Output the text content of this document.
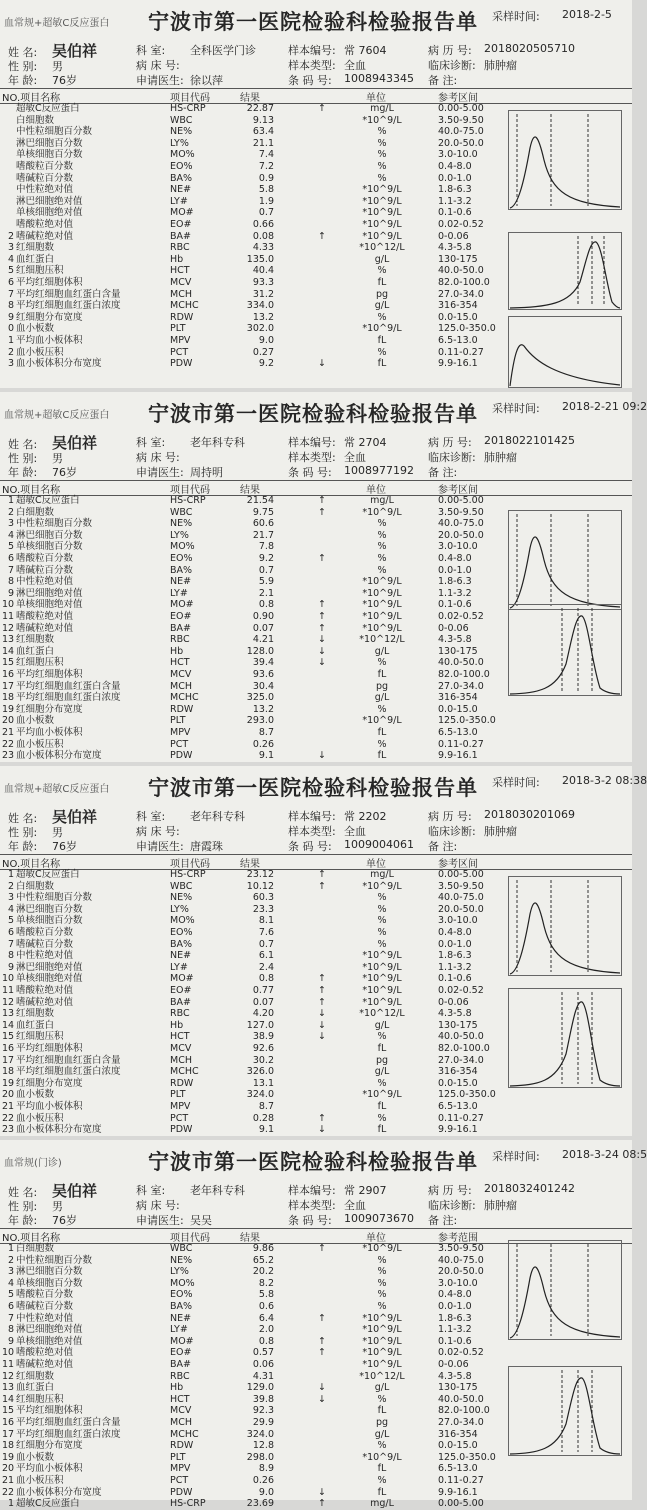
血常规+超敏C反应蛋白 宁波市第一医院检验科检验报告单 采样时间: 2018-2-5
姓 名: 吴伯祥
性 别: 男
年 龄: 76岁
科 室: 全科医学门诊
病 床 号:
申请医生: 徐以萍
样本编号: 常 7604
样本类型: 全血
条 码 号: 1008943345
病 历 号: 2018020505710
临床诊断: 肺肿瘤
备 注:
NO.项目名称	项目代码	结果	单位	参考区间
超敏C反应蛋白	HS-CRP	22.87	↑	mg/L	0.00-5.00
白细胞数	WBC	9.13	*10^9/L	3.50-9.50
中性粒细胞百分数	NE%	63.4	%	40.0-75.0
淋巴细胞百分数	LY%	21.1	%	20.0-50.0
单核细胞百分数	MO%	7.4	%	3.0-10.0
嗜酸粒百分数	EO%	7.2	%	0.4-8.0
嗜碱粒百分数	BA%	0.9	%	0.0-1.0
中性粒绝对值	NE#	5.8	*10^9/L	1.8-6.3
淋巴细胞绝对值	LY#	1.9	*10^9/L	1.1-3.2
单核细胞绝对值	MO#	0.7	*10^9/L	0.1-0.6
嗜酸粒绝对值	EO#	0.66	*10^9/L	0.02-0.52
2 嗜碱粒绝对值	BA#	0.08	↑	*10^9/L	0-0.06
3 红细胞数	RBC	4.33	*10^12/L	4.3-5.8
4 血红蛋白	Hb	135.0	g/L	130-175
5 红细胞压积	HCT	40.4	%	40.0-50.0
6 平均红细胞体积	MCV	93.3	fL	82.0-100.0
7 平均红细胞血红蛋白含量	MCH	31.2	pg	27.0-34.0
8 平均红细胞血红蛋白浓度	MCHC	334.0	g/L	316-354
9 红细胞分布宽度	RDW	13.2	%	0.0-15.0
0 血小板数	PLT	302.0	*10^9/L	125.0-350.0
1 平均血小板体积	MPV	9.0	fL	6.5-13.0
2 血小板压积	PCT	0.27	%	0.11-0.27
3 血小板体积分布宽度	PDW	9.2	↓	fL	9.9-16.1
血常规+超敏C反应蛋白 宁波市第一医院检验科检验报告单 采样时间: 2018-2-21 09:2
姓 名: 吴伯祥
性 别: 男
年 龄: 76岁
科 室: 老年科专科
病 床 号:
申请医生: 周持明
样本编号: 常 2704
样本类型: 全血
条 码 号: 1008977192
病 历 号: 2018022101425
临床诊断: 肺肿瘤
备 注:
NO.项目名称	项目代码	结果	单位	参考区间
1 超敏C反应蛋白	HS-CRP	21.54	↑	mg/L	0.00-5.00
2 白细胞数	WBC	9.75	↑	*10^9/L	3.50-9.50
3 中性粒细胞百分数	NE%	60.6	%	40.0-75.0
4 淋巴细胞百分数	LY%	21.7	%	20.0-50.0
5 单核细胞百分数	MO%	7.8	%	3.0-10.0
6 嗜酸粒百分数	EO%	9.2	↑	%	0.4-8.0
7 嗜碱粒百分数	BA%	0.7	%	0.0-1.0
8 中性粒绝对值	NE#	5.9	*10^9/L	1.8-6.3
9 淋巴细胞绝对值	LY#	2.1	*10^9/L	1.1-3.2
10 单核细胞绝对值	MO#	0.8	↑	*10^9/L	0.1-0.6
11 嗜酸粒绝对值	EO#	0.90	↑	*10^9/L	0.02-0.52
12 嗜碱粒绝对值	BA#	0.07	↑	*10^9/L	0-0.06
13 红细胞数	RBC	4.21	↓	*10^12/L	4.3-5.8
14 血红蛋白	Hb	128.0	↓	g/L	130-175
15 红细胞压积	HCT	39.4	↓	%	40.0-50.0
16 平均红细胞体积	MCV	93.6	fL	82.0-100.0
17 平均红细胞血红蛋白含量	MCH	30.4	pg	27.0-34.0
18 平均红细胞血红蛋白浓度	MCHC	325.0	g/L	316-354
19 红细胞分布宽度	RDW	13.2	%	0.0-15.0
20 血小板数	PLT	293.0	*10^9/L	125.0-350.0
21 平均血小板体积	MPV	8.7	fL	6.5-13.0
22 血小板压积	PCT	0.26	%	0.11-0.27
23 血小板体积分布宽度	PDW	9.1	↓	fL	9.9-16.1
血常规+超敏C反应蛋白 宁波市第一医院检验科检验报告单 采样时间: 2018-3-2 08:38
姓 名: 吴伯祥
性 别: 男
年 龄: 76岁
科 室: 老年科专科
病 床 号:
申请医生: 唐霞珠
样本编号: 常 2202
样本类型: 全血
条 码 号: 1009004061
病 历 号: 2018030201069
临床诊断: 肺肿瘤
备 注:
NO.项目名称	项目代码	结果	单位	参考区间
1 超敏C反应蛋白	HS-CRP	23.12	↑	mg/L	0.00-5.00
2 白细胞数	WBC	10.12	↑	*10^9/L	3.50-9.50
3 中性粒细胞百分数	NE%	60.3	%	40.0-75.0
4 淋巴细胞百分数	LY%	23.3	%	20.0-50.0
5 单核细胞百分数	MO%	8.1	%	3.0-10.0
6 嗜酸粒百分数	EO%	7.6	%	0.4-8.0
7 嗜碱粒百分数	BA%	0.7	%	0.0-1.0
8 中性粒绝对值	NE#	6.1	*10^9/L	1.8-6.3
9 淋巴细胞绝对值	LY#	2.4	*10^9/L	1.1-3.2
10 单核细胞绝对值	MO#	0.8	↑	*10^9/L	0.1-0.6
11 嗜酸粒绝对值	EO#	0.77	↑	*10^9/L	0.02-0.52
12 嗜碱粒绝对值	BA#	0.07	↑	*10^9/L	0-0.06
13 红细胞数	RBC	4.20	↓	*10^12/L	4.3-5.8
14 血红蛋白	Hb	127.0	↓	g/L	130-175
15 红细胞压积	HCT	38.9	↓	%	40.0-50.0
16 平均红细胞体积	MCV	92.6	fL	82.0-100.0
17 平均红细胞血红蛋白含量	MCH	30.2	pg	27.0-34.0
18 平均红细胞血红蛋白浓度	MCHC	326.0	g/L	316-354
19 红细胞分布宽度	RDW	13.1	%	0.0-15.0
20 血小板数	PLT	324.0	*10^9/L	125.0-350.0
21 平均血小板体积	MPV	8.7	fL	6.5-13.0
22 血小板压积	PCT	0.28	↑	%	0.11-0.27
23 血小板体积分布宽度	PDW	9.1	↓	fL	9.9-16.1
血常规(门诊)	宁波市第一医院检验科检验报告单 采样时间: 2018-3-24 08:5
姓 名: 吴伯祥
性 别: 男
年 龄: 76岁
科 室: 老年科专科
病 床 号:
申请医生: 吴吴
样本编号: 常 2907
样本类型: 全血
条 码 号: 1009073670
病 历 号: 2018032401242
临床诊断: 肺肿瘤
备 注:
NO.项目名称	项目代码	结果	单位	参考范围
1 白细胞数	WBC	9.86	↑	*10^9/L	3.50-9.50
2 中性粒细胞百分数	NE%	65.2	%	40.0-75.0
3 淋巴细胞百分数	LY%	20.2	%	20.0-50.0
4 单核细胞百分数	MO%	8.2	%	3.0-10.0
5 嗜酸粒百分数	EO%	5.8	%	0.4-8.0
6 嗜碱粒百分数	BA%	0.6	%	0.0-1.0
7 中性粒绝对值	NE#	6.4	↑	*10^9/L	1.8-6.3
8 淋巴细胞绝对值	LY#	2.0	*10^9/L	1.1-3.2
9 单核细胞绝对值	MO#	0.8	↑	*10^9/L	0.1-0.6
10 嗜酸粒绝对值	EO#	0.57	↑	*10^9/L	0.02-0.52
11 嗜碱粒绝对值	BA#	0.06	*10^9/L	0-0.06
12 红细胞数	RBC	4.31	*10^12/L	4.3-5.8
13 血红蛋白	Hb	129.0	↓	g/L	130-175
14 红细胞压积	HCT	39.8	↓	%	40.0-50.0
15 平均红细胞体积	MCV	92.3	fL	82.0-100.0
16 平均红细胞血红蛋白含量	MCH	29.9	pg	27.0-34.0
17 平均红细胞血红蛋白浓度	MCHC	324.0	g/L	316-354
18 红细胞分布宽度	RDW	12.8	%	0.0-15.0
19 血小板数	PLT	298.0	*10^9/L	125.0-350.0
20 平均血小板体积	MPV	8.9	fL	6.5-13.0
21 血小板压积	PCT	0.26	%	0.11-0.27
22 血小板体积分布宽度	PDW	9.0	↓	fL	9.9-16.1
1 超敏C反应蛋白	HS-CRP	23.69	↑	mg/L	0.00-5.00
